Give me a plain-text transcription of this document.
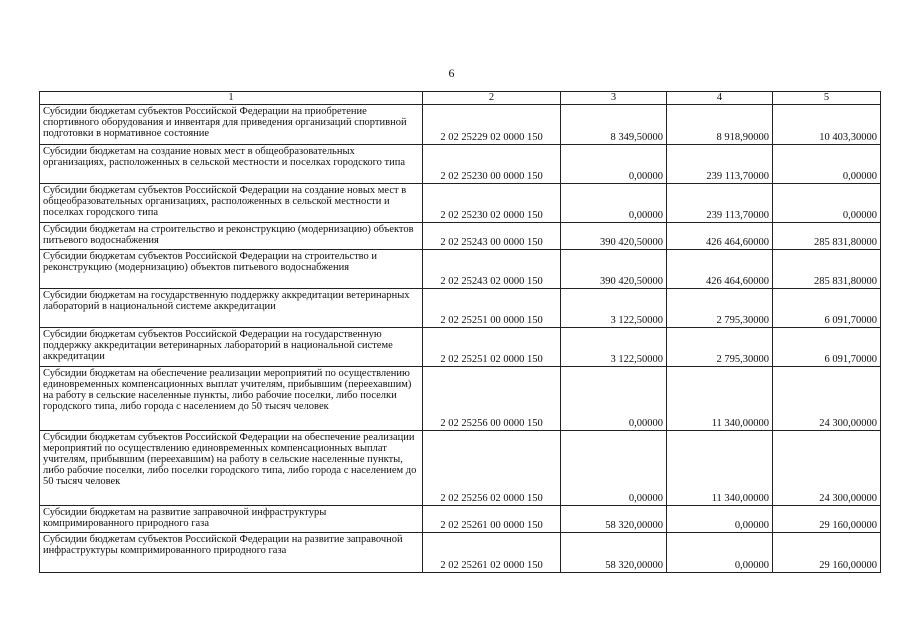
6
1	2	3	4	5
Субсидии бюджетам субъектов Российской Федерации на приобретение спортивного оборудования и инвентаря для приведения организаций спортивной подготовки в нормативное состояние	2 02 25229 02 0000 150	8 349,50000	8 918,90000	10 403,30000
Субсидии бюджетам на создание новых мест в общеобразовательных организациях, расположенных в сельской местности и поселках городского типа	2 02 25230 00 0000 150	0,00000	239 113,70000	0,00000
Субсидии бюджетам субъектов Российской Федерации на создание новых мест в общеобразовательных организациях, расположенных в сельской местности и поселках городского типа	2 02 25230 02 0000 150	0,00000	239 113,70000	0,00000
Субсидии бюджетам на строительство и реконструкцию (модернизацию) объектов питьевого водоснабжения	2 02 25243 00 0000 150	390 420,50000	426 464,60000	285 831,80000
Субсидии бюджетам субъектов Российской Федерации на строительство и реконструкцию (модернизацию) объектов питьевого водоснабжения	2 02 25243 02 0000 150	390 420,50000	426 464,60000	285 831,80000
Субсидии бюджетам на государственную поддержку аккредитации ветеринарных лабораторий в национальной системе аккредитации	2 02 25251 00 0000 150	3 122,50000	2 795,30000	6 091,70000
Субсидии бюджетам субъектов Российской Федерации на государственную поддержку аккредитации ветеринарных лабораторий в национальной системе аккредитации	2 02 25251 02 0000 150	3 122,50000	2 795,30000	6 091,70000
Субсидии бюджетам на обеспечение реализации мероприятий по осуществлению единовременных компенсационных выплат учителям, прибывшим (переехавшим) на работу в сельские населенные пункты, либо рабочие поселки, либо поселки городского типа, либо города с населением до 50 тысяч человек	2 02 25256 00 0000 150	0,00000	11 340,00000	24 300,00000
Субсидии бюджетам субъектов Российской Федерации на обеспечение реализации мероприятий по осуществлению единовременных компенсационных выплат учителям, прибывшим (переехавшим) на работу в сельские населенные пункты, либо рабочие поселки, либо поселки городского типа, либо города с населением до 50 тысяч человек	2 02 25256 02 0000 150	0,00000	11 340,00000	24 300,00000
Субсидии бюджетам на развитие заправочной инфраструктуры компримированного природного газа	2 02 25261 00 0000 150	58 320,00000	0,00000	29 160,00000
Субсидии бюджетам субъектов Российской Федерации на развитие заправочной инфраструктуры компримированного природного газа	2 02 25261 02 0000 150	58 320,00000	0,00000	29 160,00000
